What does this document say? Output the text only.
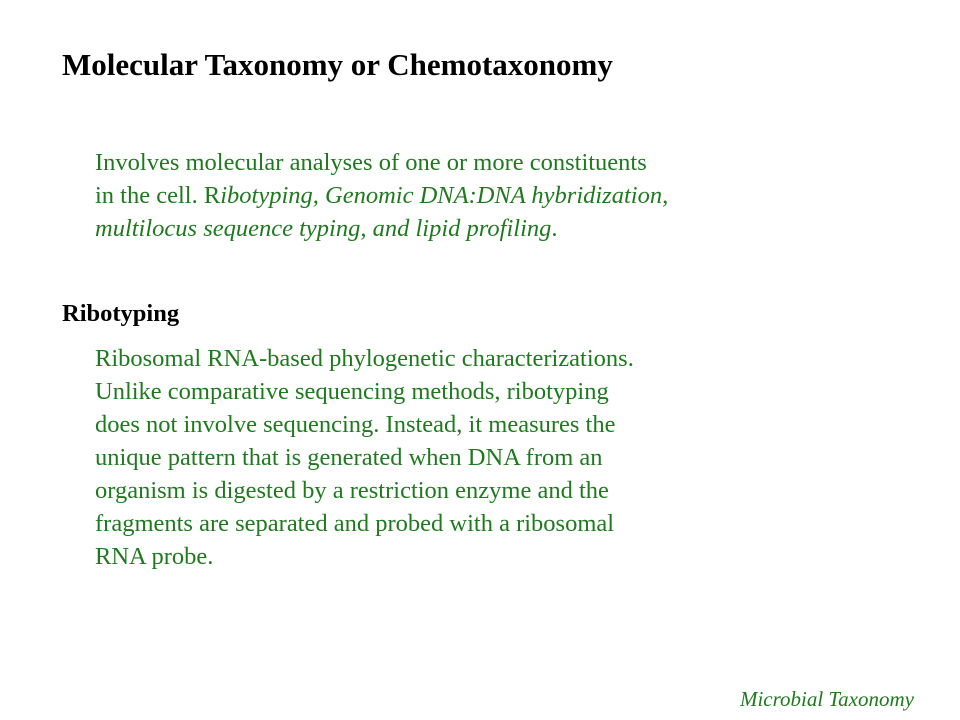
Molecular Taxonomy or Chemotaxonomy

Involves molecular analyses of one or more constituents
in the cell. Ribotyping, Genomic DNA:DNA hybridization,
multilocus sequence typing, and lipid profiling.

Ribotyping

Ribosomal RNA-based phylogenetic characterizations.
Unlike comparative sequencing methods, ribotyping
does not involve sequencing. Instead, it measures the
unique pattern that is generated when DNA from an
organism is digested by a restriction enzyme and the
fragments are separated and probed with a ribosomal
RNA probe.

Microbial Taxonomy
